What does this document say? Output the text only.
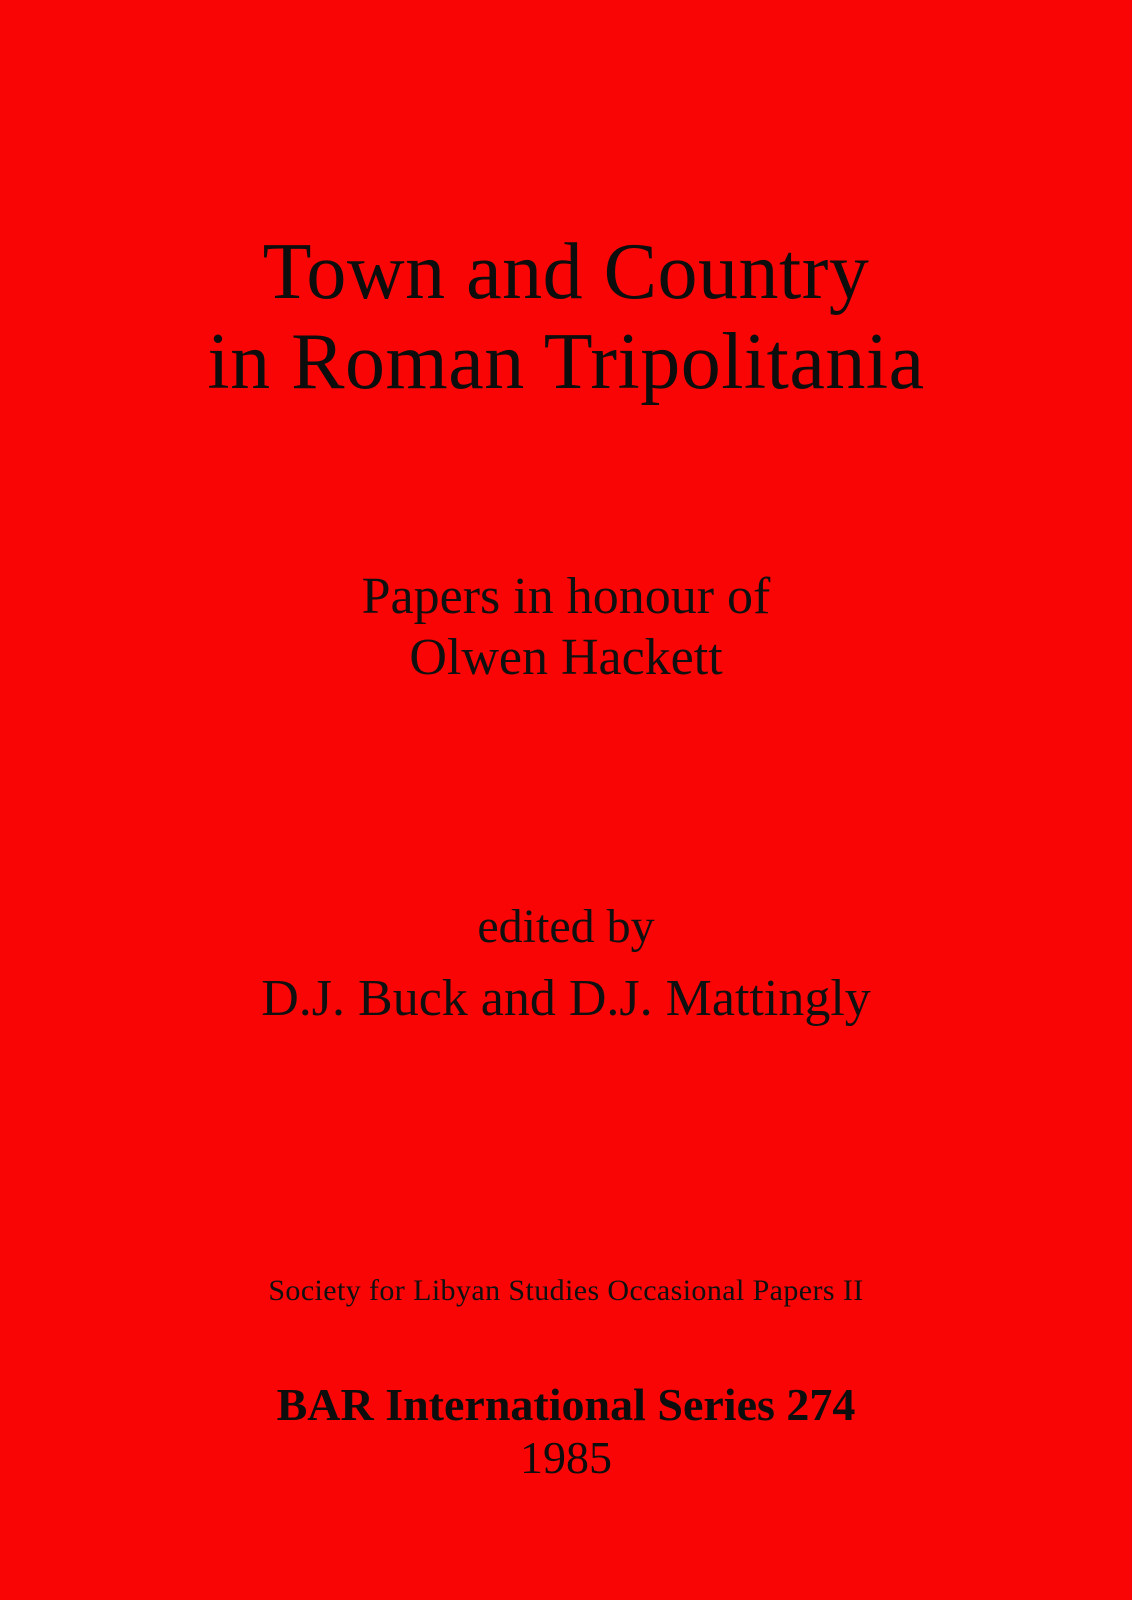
Town and Country
in Roman Tripolitania
Papers in honour of
Olwen Hackett
edited by
D.J. Buck and D.J. Mattingly
Society for Libyan Studies Occasional Papers II
BAR International Series 274
1985
